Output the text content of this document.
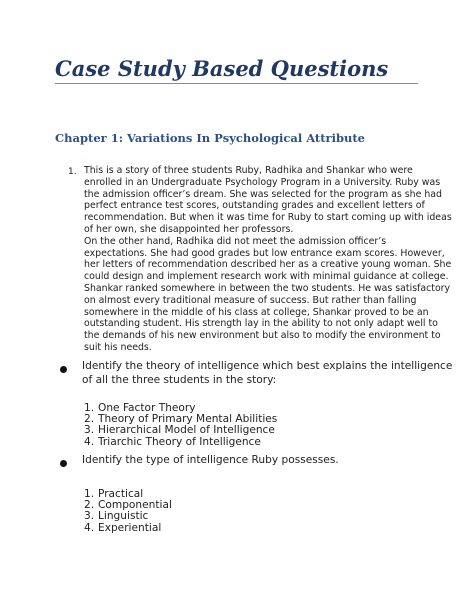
Case Study Based Questions
Chapter 1: Variations In Psychological Attribute
1. This is a story of three students Ruby, Radhika and Shankar who were
enrolled in an Undergraduate Psychology Program in a University. Ruby was
the admission officer’s dream. She was selected for the program as she had
perfect entrance test scores, outstanding grades and excellent letters of
recommendation. But when it was time for Ruby to start coming up with ideas
of her own, she disappointed her professors.
On the other hand, Radhika did not meet the admission officer’s
expectations. She had good grades but low entrance exam scores. However,
her letters of recommendation described her as a creative young woman. She
could design and implement research work with minimal guidance at college.
Shankar ranked somewhere in between the two students. He was satisfactory
on almost every traditional measure of success. But rather than falling
somewhere in the middle of his class at college, Shankar proved to be an
outstanding student. His strength lay in the ability to not only adapt well to
the demands of his new environment but also to modify the environment to
suit his needs.
Identify the theory of intelligence which best explains the intelligence
of all the three students in the story:
1. One Factor Theory
2. Theory of Primary Mental Abilities
3. Hierarchical Model of Intelligence
4. Triarchic Theory of Intelligence
Identify the type of intelligence Ruby possesses.
1. Practical
2. Componential
3. Linguistic
4. Experiential
